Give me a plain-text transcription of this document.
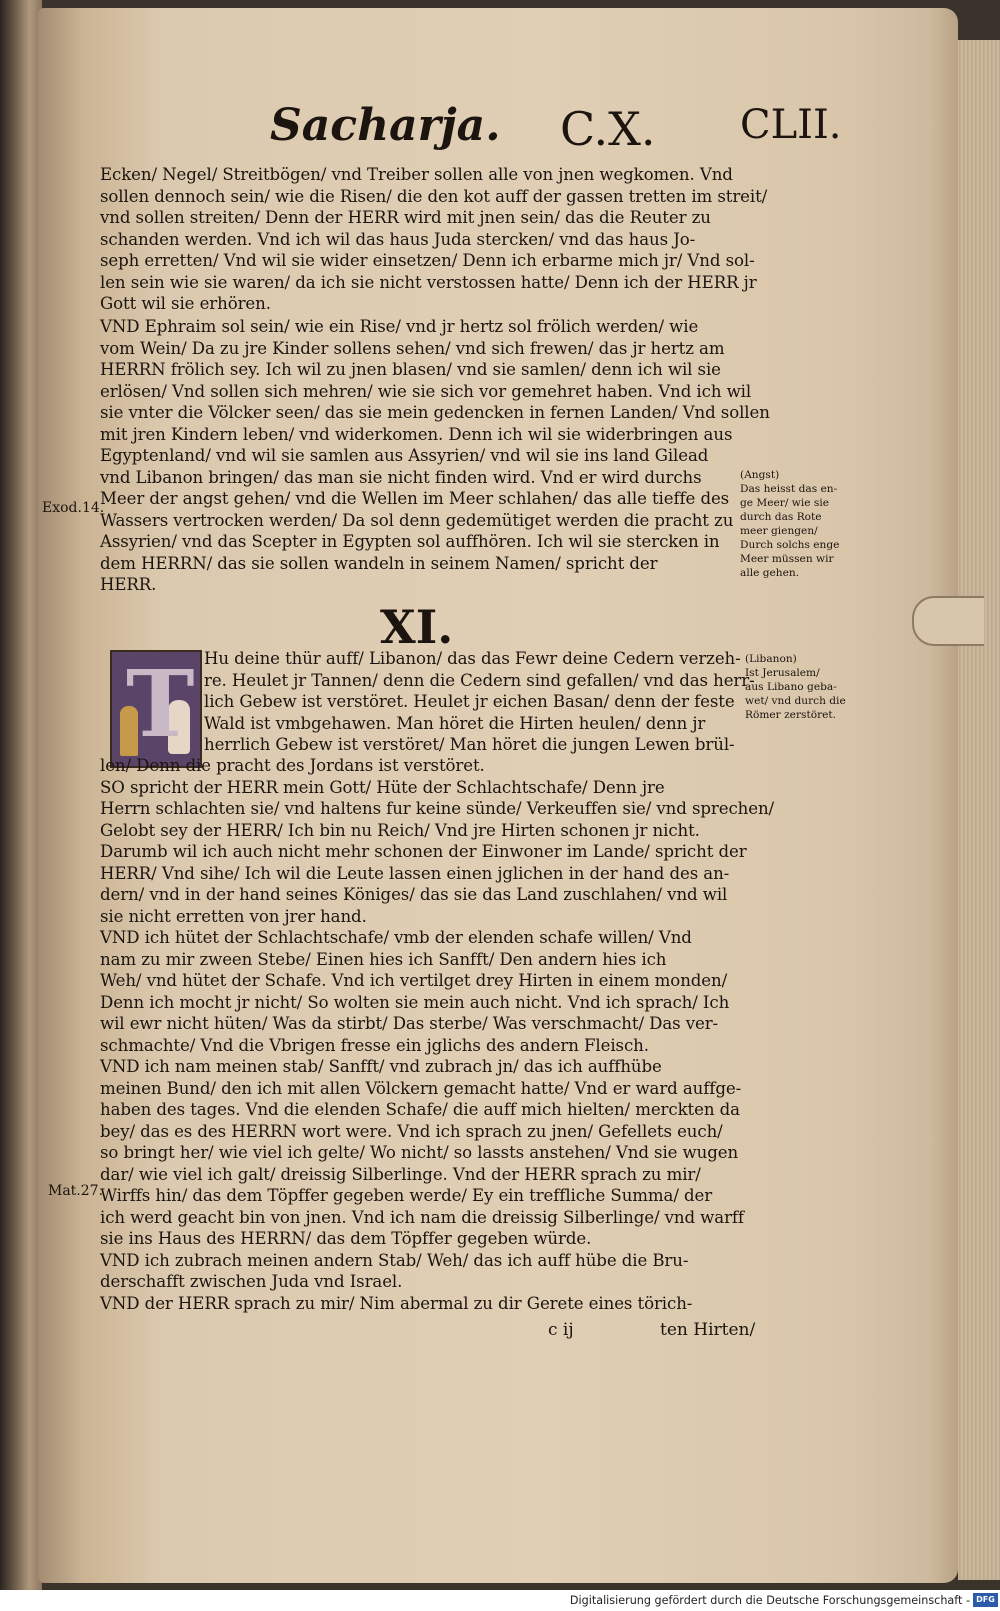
Sacharja. C.X. CLII.
Ecken/ Negel/ Streitbögen/ vnd Treiber sollen alle von jnen wegkomen. Vnd
sollen dennoch sein/ wie die Risen/ die den kot auff der gassen tretten im streit/
vnd sollen streiten/ Denn der HERR wird mit jnen sein/ das die Reuter zu
schanden werden. Vnd ich wil das haus Juda stercken/ vnd das haus Jo-
seph erretten/ Vnd wil sie wider einsetzen/ Denn ich erbarme mich jr/ Vnd sol-
len sein wie sie waren/ da ich sie nicht verstossen hatte/ Denn ich der HERR jr
Gott wil sie erhören.
VND Ephraim sol sein/ wie ein Rise/ vnd jr hertz sol frölich werden/ wie
vom Wein/ Da zu jre Kinder sollens sehen/ vnd sich frewen/ das jr hertz am
HERRN frölich sey. Ich wil zu jnen blasen/ vnd sie samlen/ denn ich wil sie
erlösen/ Vnd sollen sich mehren/ wie sie sich vor gemehret haben. Vnd ich wil
sie vnter die Völcker seen/ das sie mein gedencken in fernen Landen/ Vnd sollen
mit jren Kindern leben/ vnd widerkomen. Denn ich wil sie widerbringen aus
Egyptenland/ vnd wil sie samlen aus Assyrien/ vnd wil sie ins land Gilead
vnd Libanon bringen/ das man sie nicht finden wird. Vnd er wird durchs
Meer der angst gehen/ vnd die Wellen im Meer schlahen/ das alle tieffe des
Wassers vertrocken werden/ Da sol denn gedemütiget werden die pracht zu
Assyrien/ vnd das Scepter in Egypten sol auffhören. Ich wil sie stercken in
dem HERRN/ das sie sollen wandeln in seinem Namen/ spricht der
HERR.
XI.
T Hu deine thür auff/ Libanon/ das das Fewr deine Cedern verzeh-
re. Heulet jr Tannen/ denn die Cedern sind gefallen/ vnd das herr-
lich Gebew ist verstöret. Heulet jr eichen Basan/ denn der feste
Wald ist vmbgehawen. Man höret die Hirten heulen/ denn jr
herrlich Gebew ist verstöret/ Man höret die jungen Lewen brül-
len/ Denn die pracht des Jordans ist verstöret.
SO spricht der HERR mein Gott/ Hüte der Schlachtschafe/ Denn jre
Herrn schlachten sie/ vnd haltens fur keine sünde/ Verkeuffen sie/ vnd sprechen/
Gelobt sey der HERR/ Ich bin nu Reich/ Vnd jre Hirten schonen jr nicht.
Darumb wil ich auch nicht mehr schonen der Einwoner im Lande/ spricht der
HERR/ Vnd sihe/ Ich wil die Leute lassen einen jglichen in der hand des an-
dern/ vnd in der hand seines Königes/ das sie das Land zuschlahen/ vnd wil
sie nicht erretten von jrer hand.
VND ich hütet der Schlachtschafe/ vmb der elenden schafe willen/ Vnd
nam zu mir zween Stebe/ Einen hies ich Sanfft/ Den andern hies ich
Weh/ vnd hütet der Schafe. Vnd ich vertilget drey Hirten in einem monden/
Denn ich mocht jr nicht/ So wolten sie mein auch nicht. Vnd ich sprach/ Ich
wil ewr nicht hüten/ Was da stirbt/ Das sterbe/ Was verschmacht/ Das ver-
schmachte/ Vnd die Vbrigen fresse ein jglichs des andern Fleisch.
VND ich nam meinen stab/ Sanfft/ vnd zubrach jn/ das ich auffhübe
meinen Bund/ den ich mit allen Völckern gemacht hatte/ Vnd er ward auffge-
haben des tages. Vnd die elenden Schafe/ die auff mich hielten/ merckten da
bey/ das es des HERRN wort were. Vnd ich sprach zu jnen/ Gefellets euch/
so bringt her/ wie viel ich gelte/ Wo nicht/ so lassts anstehen/ Vnd sie wugen
dar/ wie viel ich galt/ dreissig Silberlinge. Vnd der HERR sprach zu mir/
Wirffs hin/ das dem Töpffer gegeben werde/ Ey ein treffliche Summa/ der
ich werd geacht bin von jnen. Vnd ich nam die dreissig Silberlinge/ vnd warff
sie ins Haus des HERRN/ das dem Töpffer gegeben würde.
VND ich zubrach meinen andern Stab/ Weh/ das ich auff hübe die Bru-
derschafft zwischen Juda vnd Israel.
VND der HERR sprach zu mir/ Nim abermal zu dir Gerete eines törich-
(Angst)
Das heisst das en-
ge Meer/ wie sie
durch das Rote
meer giengen/
Durch solchs enge
Meer müssen wir
alle gehen.
(Libanon)
Ist Jerusalem/
aus Libano geba-
wet/ vnd durch die
Römer zerstöret.
Exod.14.
Mat.27.
c ij	ten Hirten/
Digitalisierung gefördert durch die Deutsche Forschungsgemeinschaft - DFG
